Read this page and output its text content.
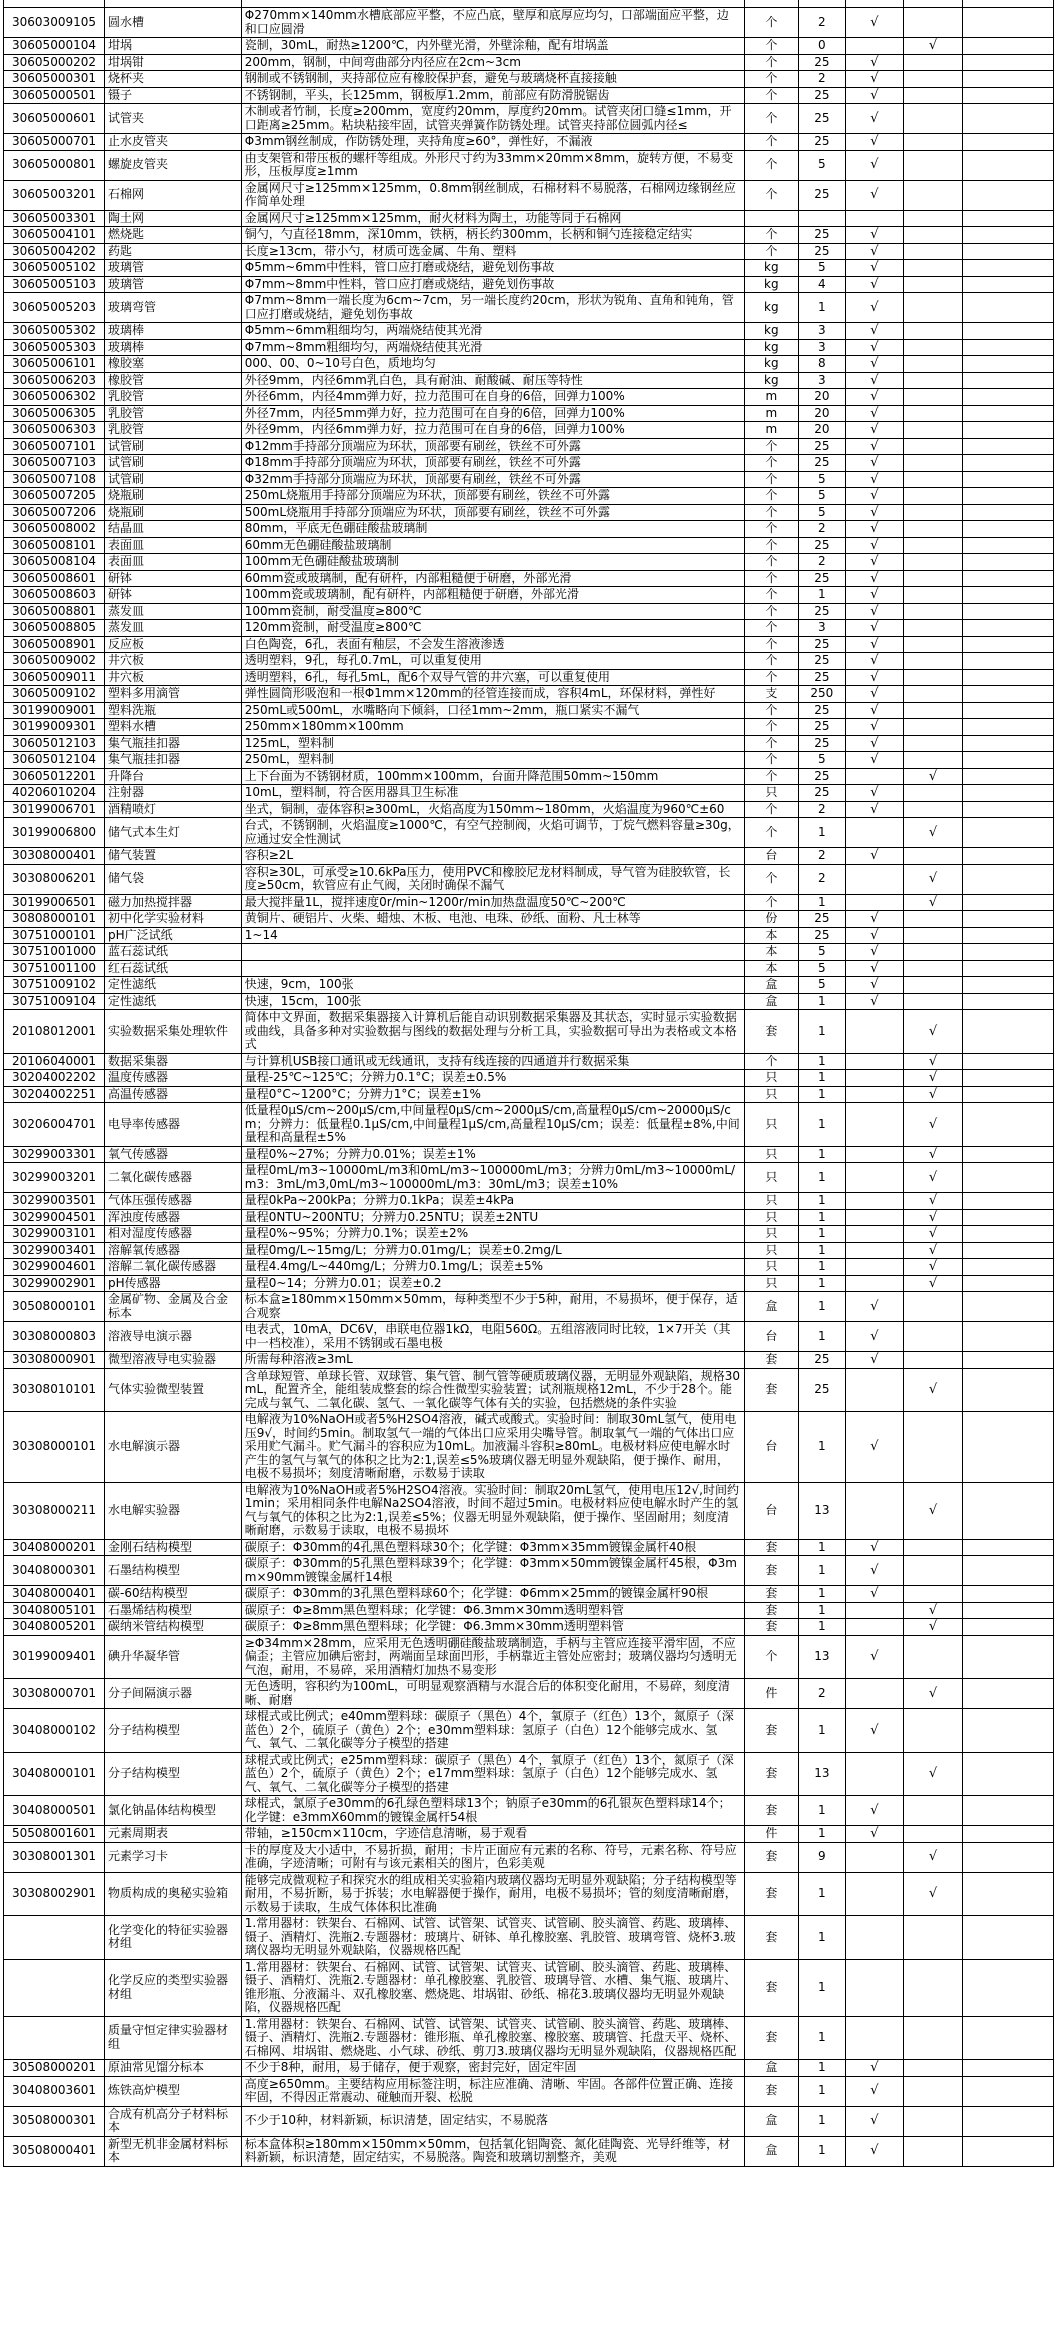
30603009105	圆水槽	Φ270mm×140mm水槽底部应平整，不应凸底，壁厚和底厚应均匀，口部端面应平整，边和口应圆滑	个	2	√		
30605000104	坩埚	瓷制，30mL，耐热≥1200℃，内外壁光滑，外壁涂釉，配有坩埚盖	个	0		√	
30605000202	坩埚钳	200mm，钢制，中间弯曲部分内径应在2cm~3cm	个	25	√		
30605000301	烧杯夹	钢制或不锈钢制，夹持部位应有橡胶保护套，避免与玻璃烧杯直接接触	个	2	√		
30605000501	镊子	不锈钢制，平头，长125mm，钢板厚1.2mm，前部应有防滑脱锯齿	个	25	√		
30605000601	试管夹	木制或者竹制，长度≥200mm，宽度约20mm，厚度约20mm。试管夹闭口缝≤1mm，开口距离≥25mm。粘块粘接牢固，试管夹弹簧作防锈处理。试管夹持部位圆弧内径≤	个	25	√		
30605000701	止水皮管夹	Φ3mm钢丝制成，作防锈处理，夹持角度≥60°，弹性好，不漏液	个	25	√		
30605000801	螺旋皮管夹	由支架管和带压板的螺杆等组成。外形尺寸约为33mm×20mm×8mm，旋转方便，不易变形，压板厚度≥1mm	个	5	√		
30605003201	石棉网	金属网尺寸≥125mm×125mm，0.8mm钢丝制成，石棉材料不易脱落，石棉网边缘钢丝应作简单处理	个	25	√		
30605003301	陶土网	金属网尺寸≥125mm×125mm，耐火材料为陶土，功能等同于石棉网					
30605004101	燃烧匙	铜勺，勺直径18mm，深10mm，铁柄，柄长约300mm，长柄和铜勺连接稳定结实	个	25	√		
30605004202	药匙	长度≥13cm，带小勺，材质可选金属、牛角、塑料	个	25	√		
30605005102	玻璃管	Φ5mm~6mm中性料，管口应打磨或烧结，避免划伤事故	kg	5	√		
30605005103	玻璃管	Φ7mm~8mm中性料，管口应打磨或烧结，避免划伤事故	kg	4	√		
30605005203	玻璃弯管	Φ7mm~8mm一端长度为6cm~7cm，另一端长度约20cm，形状为锐角、直角和钝角，管口应打磨或烧结，避免划伤事故	kg	1	√		
30605005302	玻璃棒	Φ5mm~6mm粗细均匀，两端烧结使其光滑	kg	3	√		
30605005303	玻璃棒	Φ7mm~8mm粗细均匀，两端烧结使其光滑	kg	3	√		
30605006101	橡胶塞	000、00、0~10号白色，质地均匀	kg	8	√		
30605006203	橡胶管	外径9mm，内径6mm乳白色，具有耐油、耐酸碱、耐压等特性	kg	3	√		
30605006302	乳胶管	外径6mm，内径4mm弹力好，拉力范围可在自身的6倍，回弹力100%	m	20	√		
30605006305	乳胶管	外径7mm，内径5mm弹力好，拉力范围可在自身的6倍，回弹力100%	m	20	√		
30605006303	乳胶管	外径9mm，内径6mm弹力好，拉力范围可在自身的6倍，回弹力100%	m	20	√		
30605007101	试管刷	Φ12mm手持部分顶端应为环状，顶部要有刷丝，铁丝不可外露	个	25	√		
30605007103	试管刷	Φ18mm手持部分顶端应为环状，顶部要有刷丝，铁丝不可外露	个	25	√		
30605007108	试管刷	Φ32mm手持部分顶端应为环状，顶部要有刷丝，铁丝不可外露	个	5	√		
30605007205	烧瓶刷	250mL烧瓶用手持部分顶端应为环状，顶部要有刷丝，铁丝不可外露	个	5	√		
30605007206	烧瓶刷	500mL烧瓶用手持部分顶端应为环状，顶部要有刷丝，铁丝不可外露	个	5	√		
30605008002	结晶皿	80mm，平底无色硼硅酸盐玻璃制	个	2	√		
30605008101	表面皿	60mm无色硼硅酸盐玻璃制	个	25	√		
30605008104	表面皿	100mm无色硼硅酸盐玻璃制	个	2	√		
30605008601	研钵	60mm瓷或玻璃制，配有研杵，内部粗糙便于研磨，外部光滑	个	25	√		
30605008603	研钵	100mm瓷或玻璃制，配有研杵，内部粗糙便于研磨，外部光滑	个	1	√		
30605008801	蒸发皿	100mm瓷制，耐受温度≥800℃	个	25	√		
30605008805	蒸发皿	120mm瓷制，耐受温度≥800℃	个	3	√		
30605008901	反应板	白色陶瓷，6孔，表面有釉层，不会发生溶液渗透	个	25	√		
30605009002	井穴板	透明塑料，9孔，每孔0.7mL，可以重复使用	个	25	√		
30605009011	井穴板	透明塑料，6孔，每孔5mL，配6个双导气管的井穴塞，可以重复使用	个	25	√		
30605009102	塑料多用滴管	弹性圆筒形吸泡和一根Φ1mm×120mm的径管连接而成，容积4mL，环保材料，弹性好	支	250	√		
30199009001	塑料洗瓶	250mL或500mL，水嘴略向下倾斜，口径1mm~2mm，瓶口紧实不漏气	个	25	√		
30199009301	塑料水槽	250mm×180mm×100mm	个	25	√		
30605012103	集气瓶挂扣器	125mL，塑料制	个	25	√		
30605012104	集气瓶挂扣器	250mL，塑料制	个	5	√		
30605012201	升降台	上下台面为不锈钢材质，100mm×100mm，台面升降范围50mm~150mm	个	25		√	
40206010204	注射器	10mL，塑料制，符合医用器具卫生标准	只	25	√		
30199006701	酒精喷灯	坐式，铜制，壶体容积≥300mL，火焰高度为150mm~180mm，火焰温度为960℃±60	个	2	√		
30199006800	储气式本生灯	台式，不锈钢制，火焰温度≥1000℃，有空气控制阀，火焰可调节，丁烷气燃料容量≥30g，应通过安全性测试	个	1		√	
30308000401	储气装置	容积≥2L	台	2	√		
30308006201	储气袋	容积≥30L，可承受≥10.6kPa压力，使用PVC和橡胶尼龙材料制成，导气管为硅胶软管，长度≥50cm，软管应有止气阀，关闭时确保不漏气	个	2		√	
30199006501	磁力加热搅拌器	最大搅拌量1L，搅拌速度0r/min~1200r/min加热盘温度50℃~200℃	个	1		√	
30808000101	初中化学实验材料	黄铜片、硬铝片、火柴、蜡烛、木板、电池、电珠、砂纸、面粉、凡士林等	份	25	√		
30751000101	pH广泛试纸	1~14	本	25	√		
30751001000	蓝石蕊试纸		本	5	√		
30751001100	红石蕊试纸		本	5	√		
30751009102	定性滤纸	快速，9cm，100张	盒	5	√		
30751009104	定性滤纸	快速，15cm，100张	盒	1	√		
20108012001	实验数据采集处理软件	简体中文界面，数据采集器接入计算机后能自动识别数据采集器及其状态，实时显示实验数据或曲线，具备多种对实验数据与图线的数据处理与分析工具，实验数据可导出为表格或文本格式	套	1		√	
20106040001	数据采集器	与计算机USB接口通讯或无线通讯，支持有线连接的四通道并行数据采集	个	1		√	
30204002202	温度传感器	量程-25℃~125℃；分辨力0.1°C；误差±0.5%	只	1		√	
30204002251	高温传感器	量程0°C~1200°C；分辨力1°C；误差±1%	只	1		√	
30206004701	电导率传感器	低量程0μS/cm~200μS/cm,中间量程0μS/cm~2000μS/cm,高量程0μS/cm~20000μS/cm；分辨力：低量程0.1μS/cm,中间量程1μS/cm,高量程10μS/cm；误差：低量程±8%,中间量程和高量程±5%	只	1		√	
30299003301	氧气传感器	量程0%~27%；分辨力0.01%；误差±1%	只	1		√	
30299003201	二氧化碳传感器	量程0mL/m3~10000mL/m3和0mL/m3~100000mL/m3；分辨力0mL/m3~10000mL/m3：3mL/m3,0mL/m3~100000mL/m3：30mL/m3；误差±10%	只	1		√	
30299003501	气体压强传感器	量程0kPa~200kPa；分辨力0.1kPa；误差±4kPa	只	1		√	
30299004501	浑浊度传感器	量程0NTU~200NTU；分辨力0.25NTU；误差±2NTU	只	1		√	
30299003101	相对湿度传感器	量程0%~95%；分辨力0.1%；误差±2%	只	1		√	
30299003401	溶解氧传感器	量程0mg/L~15mg/L；分辨力0.01mg/L；误差±0.2mg/L	只	1		√	
30299004601	溶解二氧化碳传感器	量程4.4mg/L~440mg/L；分辨力0.1mg/L；误差±5%	只	1		√	
30299002901	pH传感器	量程0~14；分辨力0.01；误差±0.2	只	1		√	
30508000101	金属矿物、金属及合金标本	标本盒≥180mm×150mm×50mm，每种类型不少于5种，耐用，不易损坏，便于保存，适合观察	盒	1	√		
30308000803	溶液导电演示器	电表式，10mA，DC6V，串联电位器1kΩ，电阻560Ω。五组溶液同时比较，1×7开关（其中一档校准），采用不锈钢或石墨电极	台	1	√		
30308000901	微型溶液导电实验器	所需每种溶液≥3mL	套	25	√		
30308010101	气体实验微型装置	含单球短管、单球长管、双球管、集气管、制气管等硬质玻璃仪器，无明显外观缺陷，规格30mL，配置齐全，能组装成整套的综合性微型实验装置；试剂瓶规格12mL，不少于28个。能完成与氧气、二氧化碳、氢气、一氧化碳等气体有关的实验，包括燃烧的条件实验	套	25		√	
30308000101	水电解演示器	电解液为10%NaOH或者5%H2SO4溶液，碱式或酸式。实验时间：制取30mL氢气，使用电压9√，时间约5min。制取氢气一端的气体出口应采用尖嘴导管。制取氧气一端的气体出口应采用贮气漏斗。贮气漏斗的容积应为10mL。加液漏斗容积≥80mL。电极材料应使电解水时产生的氢气与氧气的体积之比为2:1,误差≤5%玻璃仪器无明显外观缺陷，便于操作、耐用，电极不易损坏；刻度清晰耐磨，示数易于读取	台	1	√		
30308000211	水电解实验器	电解液为10%NaOH或者5%H2SO4溶液。实验时间：制取20mL氢气，使用电压12√,时间约1min；采用相同条件电解Na2SO4溶液，时间不超过5min。电极材料应使电解水时产生的氢气与氧气的体积之比为2:1,误差≤5%；仪器无明显外观缺陷，便于操作、坚固耐用；刻度清晰耐磨，示数易于读取，电极不易损坏	台	13		√	
30408000201	金刚石结构模型	碳原子：Φ30mm的4孔黑色塑料球30个；化学键：Φ3mm×35mm镀镍金属杆40根	套	1	√		
30408000301	石墨结构模型	碳原子：Φ30mm的5孔黑色塑料球39个；化学键：Φ3mm×50mm镀镍金属杆45根，Φ3mm×90mm镀镍金属杆14根	套	1	√		
30408000401	碳-60结构模型	碳原子：Φ30mm的3孔黑色塑料球60个；化学键：Φ6mm×25mm的镀镍金属杆90根	套	1	√		
30408005101	石墨烯结构模型	碳原子：Φ≥8mm黑色塑料球；化学键：Φ6.3mm×30mm透明塑料管	套	1		√	
30408005201	碳纳米管结构模型	碳原子：Φ≥8mm黑色塑料球；化学键：Φ6.3mm×30mm透明塑料管	套	1		√	
30199009401	碘升华凝华管	≥Φ34mm×28mm，应采用无色透明硼硅酸盐玻璃制造，手柄与主管应连接平滑牢固，不应偏歪；主管应加碘后密封，两端面呈球面凹形，手柄靠近主管处应密封；玻璃仪器均匀透明无气泡，耐用，不易碎，采用酒精灯加热不易变形	个	13	√		
30308000701	分子间隔演示器	无色透明，容积约为100mL，可明显观察酒精与水混合后的体积变化耐用，不易碎，刻度清晰、耐磨	件	2		√	
30408000102	分子结构模型	球棍式或比例式；e40mm塑料球：碳原子（黑色）4个，氧原子（红色）13个，氮原子（深蓝色）2个，硫原子（黄色）2个；e30mm塑料球：氢原子（白色）12个能够完成水、氢气、氧气、二氧化碳等分子模型的搭建	套	1	√		
30408000101	分子结构模型	球棍式或比例式；e25mm塑料球：碳原子（黑色）4个，氧原子（红色）13个，氮原子（深蓝色）2个，硫原子（黄色）2个；e17mm塑料球：氢原子（白色）12个能够完成水、氢气、氧气、二氧化碳等分子模型的搭建	套	13		√	
30408000501	氯化钠晶体结构模型	球棍式，氯原子e30mm的6孔绿色塑料球13个；钠原子e30mm的6孔银灰色塑料球14个；化学键：e3mmX60mm的镀镍金属杆54根	套	1	√		
50508001601	元素周期表	带轴，≥150cm×110cm，字迹信息清晰，易于观看	件	1	√		
30308001301	元素学习卡	卡的厚度及大小适中，不易折损，耐用；卡片正面应有元素的名称、符号，元素名称、符号应准确，字迹清晰；可附有与该元素相关的图片，色彩美观	套	9		√	
30308002901	物质构成的奥秘实验箱	能够完成微观粒子和探究水的组成相关实验箱内玻璃仪器均无明显外观缺陷；分子结构模型等耐用，不易折断，易于拆装；水电解器便于操作，耐用，电极不易损坏；管的刻度清晰耐磨，示数易于读取，生成气体体积比准确	套	1		√	
	化学变化的特征实验器材组	1.常用器材：铁架台、石棉网、试管、试管架、试管夹、试管刷、胶头滴管、药匙、玻璃棒、镊子、酒精灯、洗瓶2.专题器材：玻璃片、研钵、单孔橡胶塞、乳胶管、玻璃弯管、烧杯3.玻璃仪器均无明显外观缺陷，仪器规格匹配	套	1			
	化学反应的类型实验器材组	1.常用器材：铁架台、石棉网、试管、试管架、试管夹、试管刷、胶头滴管、药匙、玻璃棒、镊子、酒精灯、洗瓶2.专题器材：单孔橡胶塞、乳胶管、玻璃导管、水槽、集气瓶、玻璃片、锥形瓶、分液漏斗、双孔橡胶塞、燃烧匙、坩埚钳、砂纸、棉花3.玻璃仪器均无明显外观缺陷，仪器规格匹配	套	1			
	质量守恒定律实验器材组	1.常用器材：铁架台、石棉网、试管、试管架、试管夹、试管刷、胶头滴管、药匙、玻璃棒、镊子、酒精灯、洗瓶2.专题器材：锥形瓶、单孔橡胶塞、橡胶塞、玻璃管、托盘天平、烧杯、石棉网、坩埚钳、燃烧匙、小气球、砂纸、剪刀3.玻璃仪器均无明显外观缺陷，仪器规格匹配	套	1			
30508000201	原油常见馏分标本	不少于8种，耐用，易于储存，便于观察，密封完好，固定牢固	盒	1	√		
30408003601	炼铁高炉模型	高度≥650mm。主要结构应用标签注明，标注应准确、清晰、牢固。各部件位置正确、连接牢固，不得因正常震动、碰触而开裂、松脱	套	1	√		
30508000301	合成有机高分子材料标本	不少于10种，材料新颖，标识清楚，固定结实，不易脱落	盒	1	√		
30508000401	新型无机非金属材料标本	标本盒体积≥180mm×150mm×50mm，包括氧化铝陶瓷、氮化硅陶瓷、光导纤维等，材料新颖，标识清楚，固定结实，不易脱落。陶瓷和玻璃切割整齐，美观	盒	1	√		
